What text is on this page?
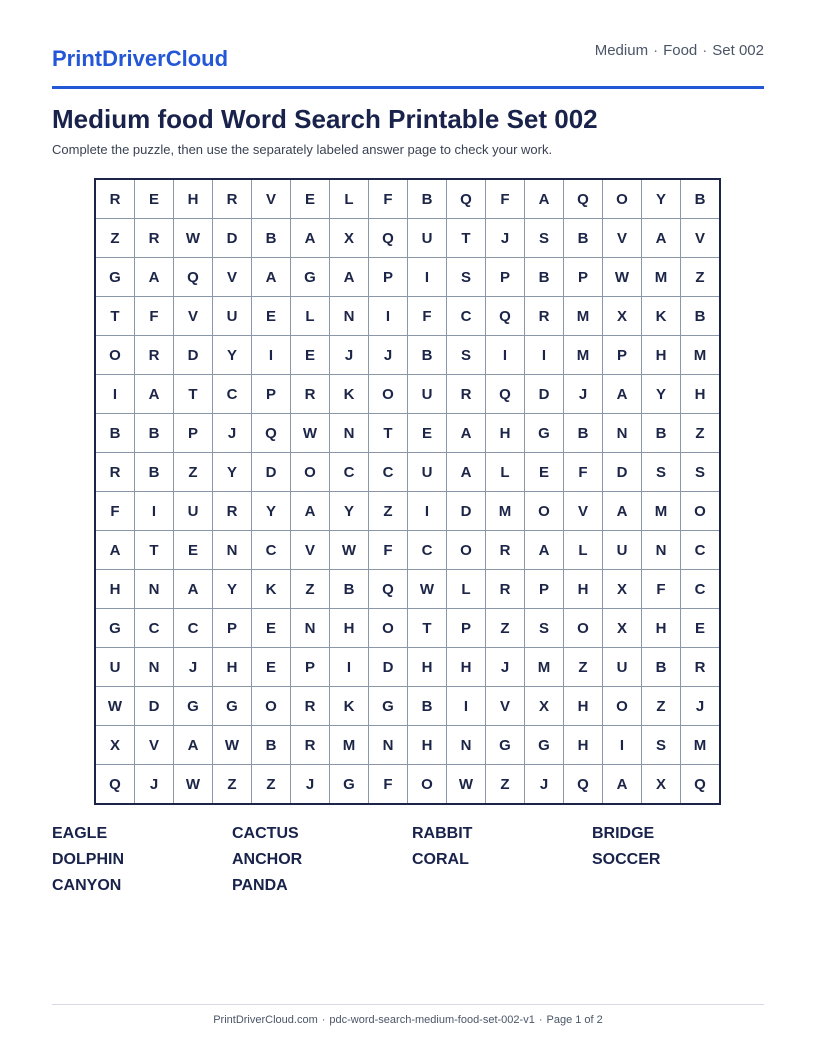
PrintDriverCloud	Medium · Food · Set 002
Medium food Word Search Printable Set 002
Complete the puzzle, then use the separately labeled answer page to check your work.
R	E	H	R	V	E	L	F	B	Q	F	A	Q	O	Y	B
Z	R	W	D	B	A	X	Q	U	T	J	S	B	V	A	V
G	A	Q	V	A	G	A	P	I	S	P	B	P	W	M	Z
T	F	V	U	E	L	N	I	F	C	Q	R	M	X	K	B
O	R	D	Y	I	E	J	J	B	S	I	I	M	P	H	M
I	A	T	C	P	R	K	O	U	R	Q	D	J	A	Y	H
B	B	P	J	Q	W	N	T	E	A	H	G	B	N	B	Z
R	B	Z	Y	D	O	C	C	U	A	L	E	F	D	S	S
F	I	U	R	Y	A	Y	Z	I	D	M	O	V	A	M	O
A	T	E	N	C	V	W	F	C	O	R	A	L	U	N	C
H	N	A	Y	K	Z	B	Q	W	L	R	P	H	X	F	C
G	C	C	P	E	N	H	O	T	P	Z	S	O	X	H	E
U	N	J	H	E	P	I	D	H	H	J	M	Z	U	B	R
W	D	G	G	O	R	K	G	B	I	V	X	H	O	Z	J
X	V	A	W	B	R	M	N	H	N	G	G	H	I	S	M
Q	J	W	Z	Z	J	G	F	O	W	Z	J	Q	A	X	Q
EAGLE	CACTUS	RABBIT	BRIDGE
DOLPHIN	ANCHOR	CORAL	SOCCER
CANYON	PANDA
PrintDriverCloud.com · pdc-word-search-medium-food-set-002-v1 · Page 1 of 2
